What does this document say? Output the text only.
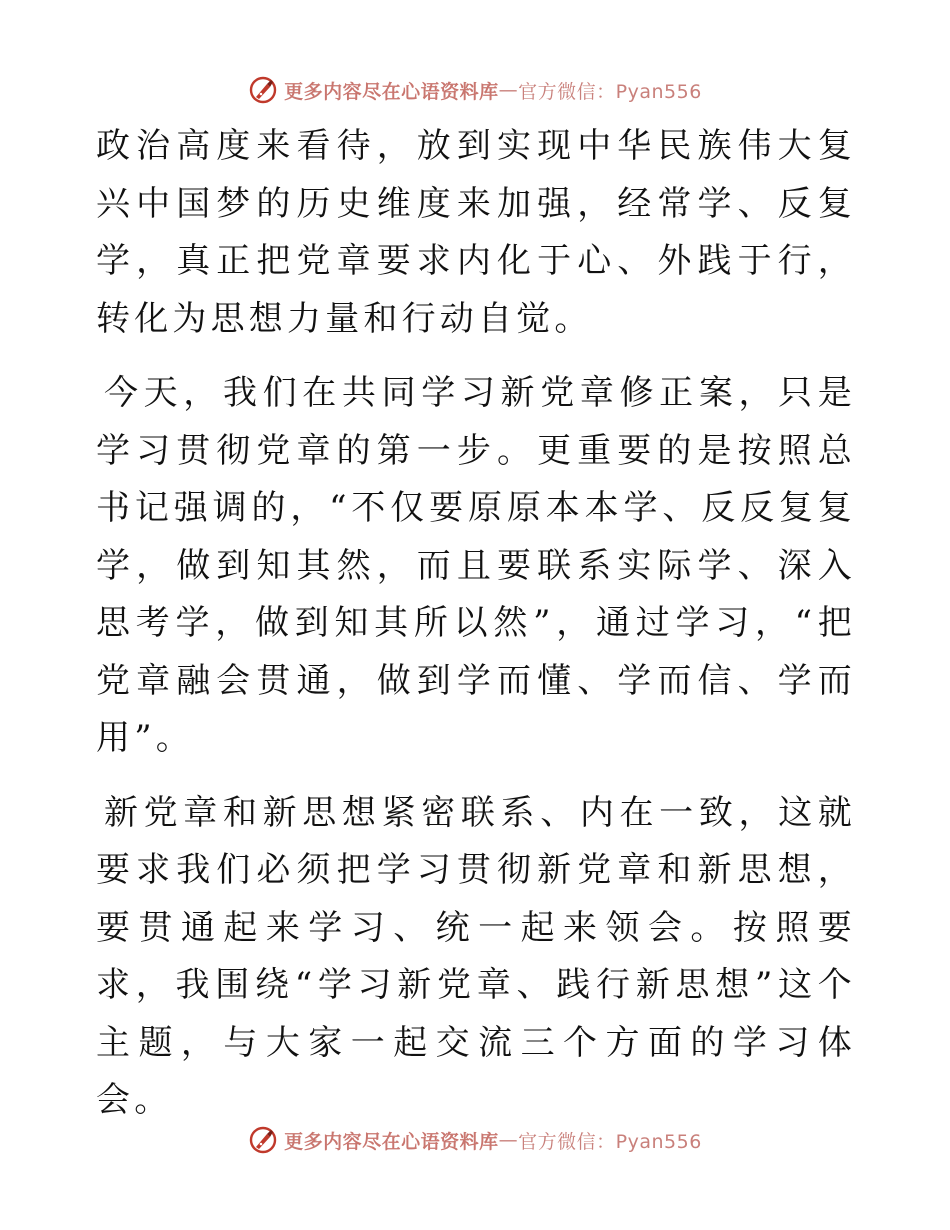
更多内容尽在心语资料库 — 官方微信：Pyan556

政治高度来看待，放到实现中华民族伟大复兴中国梦的历史维度来加强，经常学、反复学，真正把党章要求内化于心、外践于行，转化为思想力量和行动自觉。

今天，我们在共同学习新党章修正案，只是学习贯彻党章的第一步。更重要的是按照总书记强调的，“不仅要原原本本学、反反复复学，做到知其然，而且要联系实际学、深入思考学，做到知其所以然”，通过学习，“把党章融会贯通，做到学而懂、学而信、学而用”。

新党章和新思想紧密联系、内在一致，这就要求我们必须把学习贯彻新党章和新思想，要贯通起来学习、统一起来领会。按照要求，我围绕“学习新党章、践行新思想”这个主题，与大家一起交流三个方面的学习体会。

更多内容尽在心语资料库 — 官方微信：Pyan556
